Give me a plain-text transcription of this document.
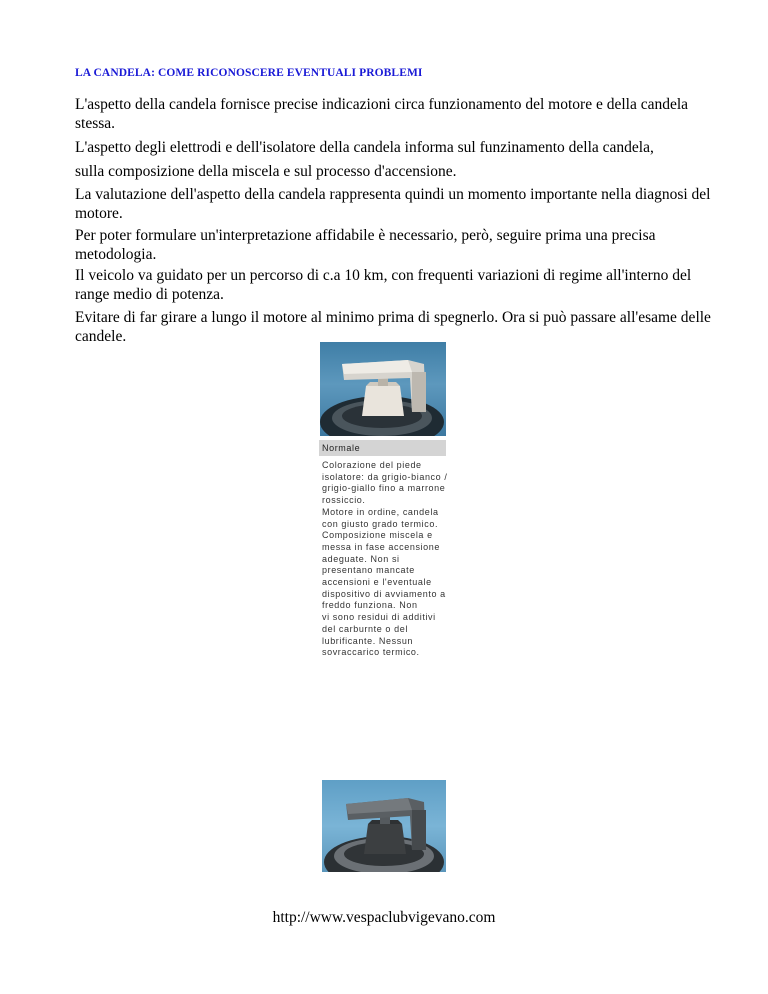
LA CANDELA: COME RICONOSCERE EVENTUALI PROBLEMI
L'aspetto della candela fornisce precise indicazioni circa funzionamento del motore e della candela stessa.
L'aspetto degli elettrodi e dell'isolatore della candela informa sul funzinamento della candela,
sulla composizione della miscela e sul processo d'accensione.
La valutazione dell'aspetto della candela rappresenta quindi un momento importante nella diagnosi del motore.
Per poter formulare un'interpretazione affidabile è necessario, però, seguire prima una precisa metodologia.
Il veicolo va guidato per un percorso di c.a 10 km, con frequenti variazioni di regime all'interno del range medio di potenza.
Evitare di far girare a lungo il motore al minimo prima di spegnerlo. Ora si può passare all'esame delle candele.
Normale
Colorazione del piede
isolatore: da grigio-bianco /
grigio-giallo fino a marrone
rossiccio.
Motore in ordine, candela
con giusto grado termico.
Composizione miscela e
messa in fase accensione
adeguate. Non si
presentano mancate
accensioni e l'eventuale
dispositivo di avviamento a
freddo funziona. Non
vi sono residui di additivi
del carburnte o del
lubrificante. Nessun
sovraccarico termico.
http://www.vespaclubvigevano.com
